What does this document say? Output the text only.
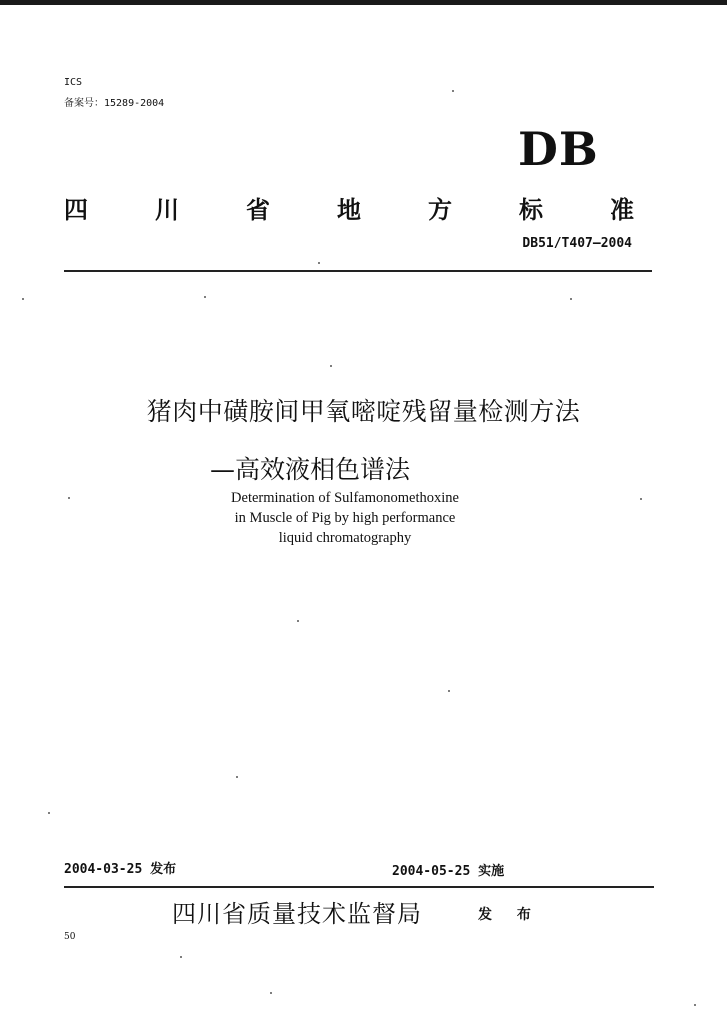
ICS
备案号：15289-2004
DB
四	川	省	地	方	标	准
DB51/T407—2004
猪肉中磺胺间甲氧嘧啶残留量检测方法
—高效液相色谱法
Determination of Sulfamonomethoxine
in Muscle of Pig by high performance
liquid chromatography
2004-03-25 发布	2004-05-25 实施
四川省质量技术监督局	发 布
50
